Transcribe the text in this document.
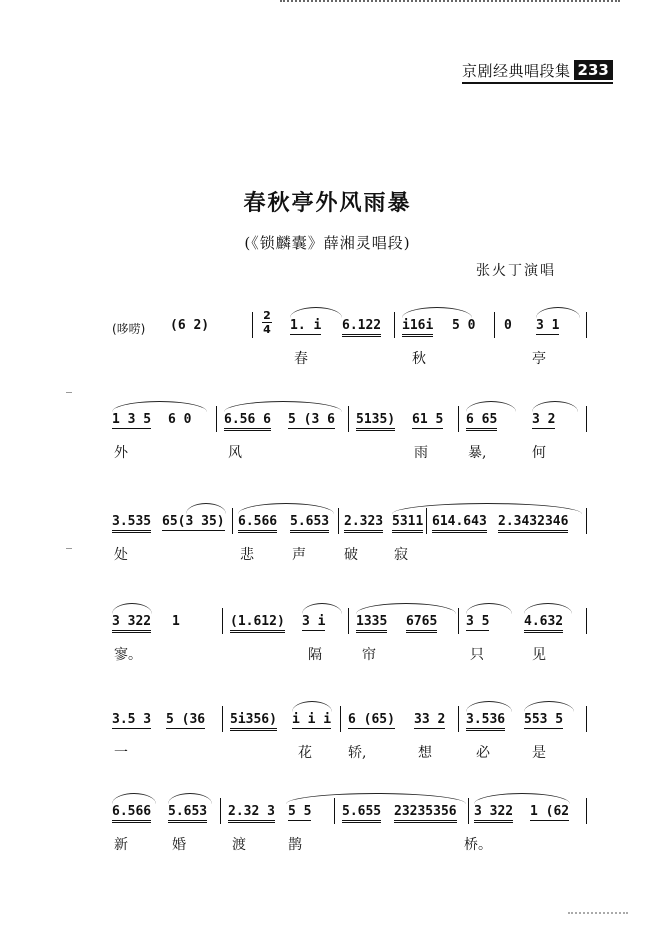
京剧经典唱段集 233
春秋亭外风雨暴
(《锁麟囊》薛湘灵唱段)
张火丁演唱
(哆唠) (6 2)
2
4 1. i 6.122 i16i 5 0 0 3 1
春	秋	亭
1 3 5 6 0	6.56 6 5 (3 6 5135) 61 5 6 65	3 2
外	风	雨	暴,	何
3.535 65(3 35) 6.566 5.653 2.323 5311 614.643 2.3432346
处	悲	声	破	寂
3 322 1	(1.612) 3 i 1335 6765 3 5	4.632
寥。	隔	帘	只	见
3.5 3 5 (36 5i356) i i i 6 (65) 33 2 3.536 553 5
一	花	轿,	想	必	是
6.566 5.653 2.32 3 5 5 5.655 23235356 3 322 1 (62
新	婚	渡	鹊	桥。
